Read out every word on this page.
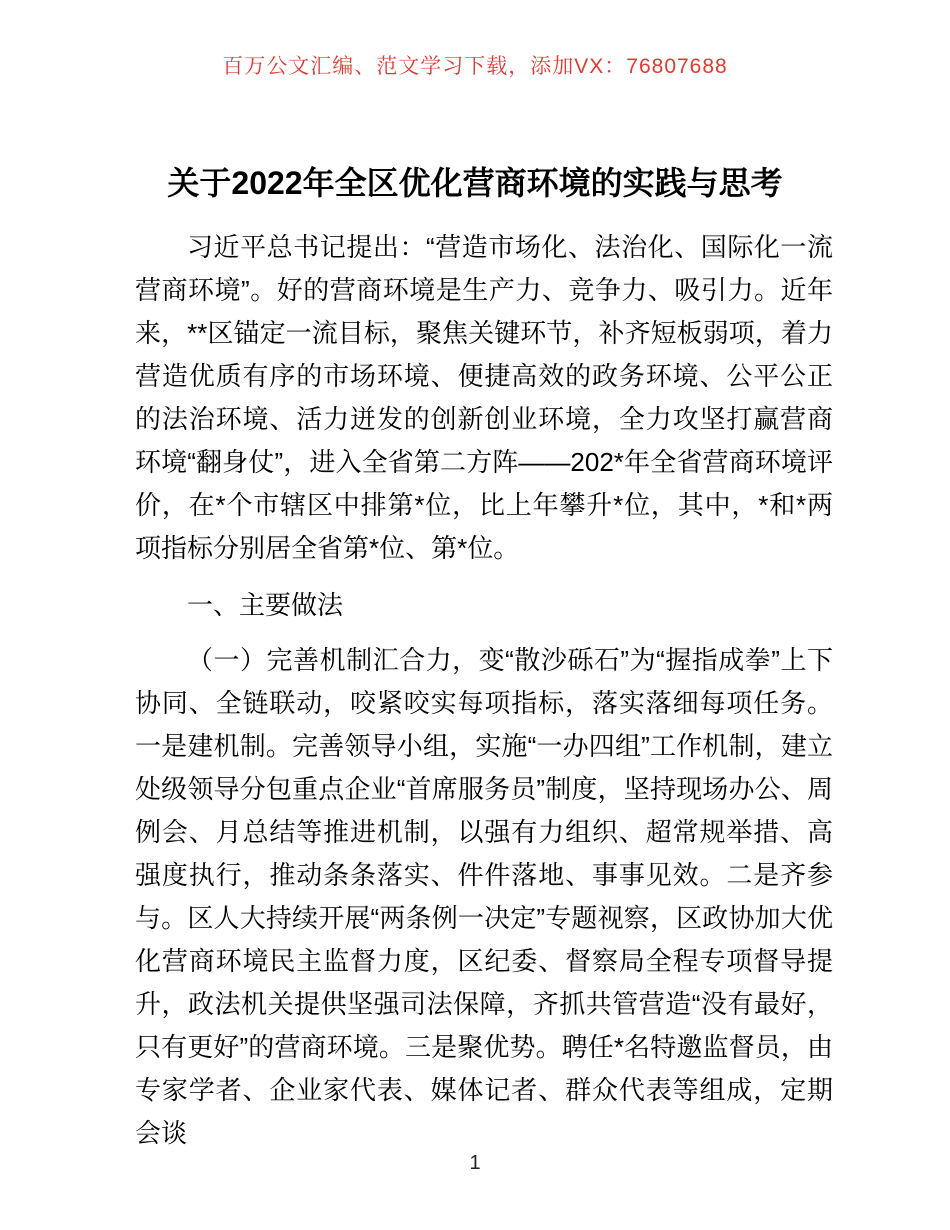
百万公文汇编、范文学习下载，添加VX：76807688
关于2022年全区优化营商环境的实践与思考

习近平总书记提出：“营造市场化、法治化、国际化一流营商环境”。好的营商环境是生产力、竞争力、吸引力。近年来，**区锚定一流目标，聚焦关键环节，补齐短板弱项，着力营造优质有序的市场环境、便捷高效的政务环境、公平公正的法治环境、活力迸发的创新创业环境，全力攻坚打赢营商环境“翻身仗”，进入全省第二方阵——202*年全省营商环境评价，在*个市辖区中排第*位，比上年攀升*位，其中，*和*两项指标分别居全省第*位、第*位。

一、主要做法

（一）完善机制汇合力，变“散沙砾石”为“握指成拳”上下协同、全链联动，咬紧咬实每项指标，落实落细每项任务。一是建机制。完善领导小组，实施“一办四组”工作机制，建立处级领导分包重点企业“首席服务员”制度，坚持现场办公、周例会、月总结等推进机制，以强有力组织、超常规举措、高强度执行，推动条条落实、件件落地、事事见效。二是齐参与。区人大持续开展“两条例一决定”专题视察，区政协加大优化营商环境民主监督力度，区纪委、督察局全程专项督导提升，政法机关提供坚强司法保障，齐抓共管营造“没有最好，只有更好”的营商环境。三是聚优势。聘任*名特邀监督员，由专家学者、企业家代表、媒体记者、群众代表等组成，定期会谈

1
